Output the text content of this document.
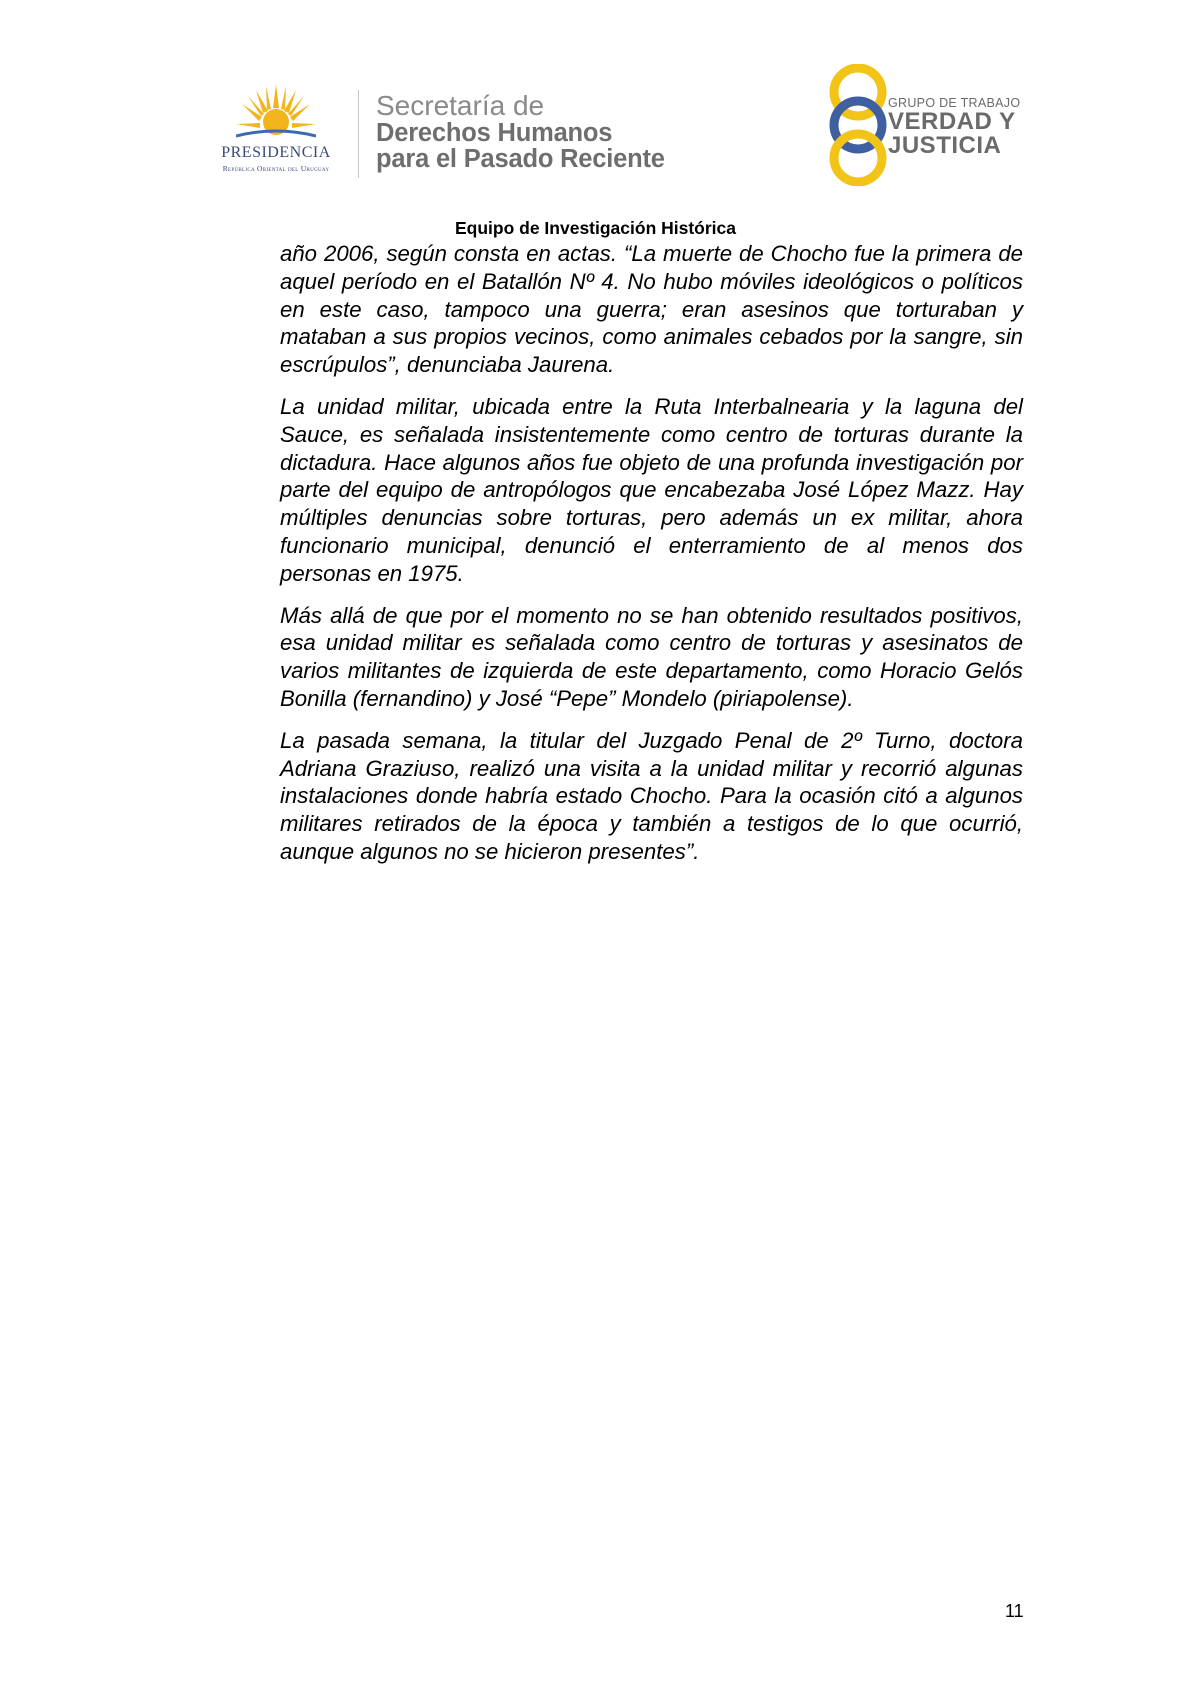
PRESIDENCIA
República Oriental del Uruguay
Secretaría de
Derechos Humanos
para el Pasado Reciente
GRUPO DE TRABAJO
VERDAD Y
JUSTICIA
Equipo de Investigación Histórica

año 2006, según consta en actas. “La muerte de Chocho fue la primera de aquel período en el Batallón Nº 4. No hubo móviles ideológicos o políticos en este caso, tampoco una guerra; eran asesinos que torturaban y mataban a sus propios vecinos, como animales cebados por la sangre, sin escrúpulos”, denunciaba Jaurena.

La unidad militar, ubicada entre la Ruta Interbalnearia y la laguna del Sauce, es señalada insistentemente como centro de torturas durante la dictadura. Hace algunos años fue objeto de una profunda investigación por parte del equipo de antropólogos que encabezaba José López Mazz. Hay múltiples denuncias sobre torturas, pero además un ex militar, ahora funcionario municipal, denunció el enterramiento de al menos dos personas en 1975.

Más allá de que por el momento no se han obtenido resultados positivos, esa unidad militar es señalada como centro de torturas y asesinatos de varios militantes de izquierda de este departamento, como Horacio Gelós Bonilla (fernandino) y José “Pepe” Mondelo (piriapolense).

La pasada semana, la titular del Juzgado Penal de 2º Turno, doctora Adriana Graziuso, realizó una visita a la unidad militar y recorrió algunas instalaciones donde habría estado Chocho. Para la ocasión citó a algunos militares retirados de la época y también a testigos de lo que ocurrió, aunque algunos no se hicieron presentes”.

11
